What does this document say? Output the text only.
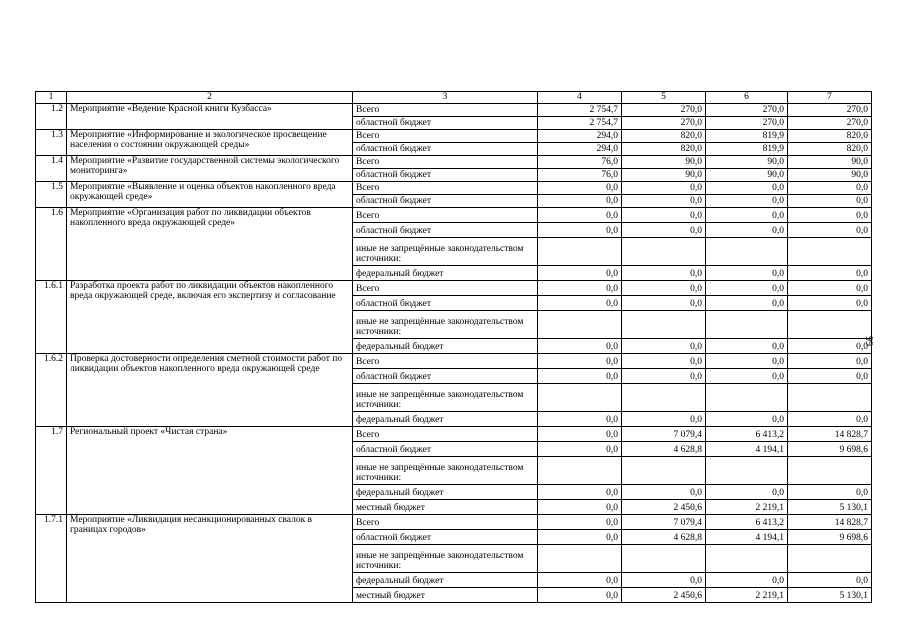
1	2	3	4	5	6	7
1.2	Мероприятие «Ведение Красной книги Кузбасса»	Всего	2 754,7	270,0	270,0	270,0
		областной бюджет	2 754,7	270,0	270,0	270,0
1.3	Мероприятие «Информирование и экологическое просвещение населения о состоянии окружающей среды»	Всего	294,0	820,0	819,9	820,0
		областной бюджет	294,0	820,0	819,9	820,0
1.4	Мероприятие «Развитие государственной системы экологического мониторинга»	Всего	76,0	90,0	90,0	90,0
		областной бюджет	76,0	90,0	90,0	90,0
1.5	Мероприятие «Выявление и оценка объектов накопленного вреда окружающей среде»	Всего	0,0	0,0	0,0	0,0
		областной бюджет	0,0	0,0	0,0	0,0
1.6	Мероприятие «Организация работ по ликвидации объектов накопленного вреда окружающей среде»	Всего	0,0	0,0	0,0	0,0
		областной бюджет	0,0	0,0	0,0	0,0
		иные не запрещённые законодательством источники:				
		федеральный бюджет	0,0	0,0	0,0	0,0
1.6.1	Разработка проекта работ по ликвидации объектов накопленного вреда окружающей среде, включая его экспертизу и согласование	Всего	0,0	0,0	0,0	0,0
		областной бюджет	0,0	0,0	0,0	0,0
		иные не запрещённые законодательством источники:				
		федеральный бюджет	0,0	0,0	0,0	0,0
1.6.2	Проверка достоверности определения сметной стоимости работ по ликвидации объектов накопленного вреда окружающей среде	Всего	0,0	0,0	0,0	0,0
		областной бюджет	0,0	0,0	0,0	0,0
		иные не запрещённые законодательством источники:				
		федеральный бюджет	0,0	0,0	0,0	0,0
1.7	Региональный проект «Чистая страна»	Всего	0,0	7 079,4	6 413,2	14 828,7
		областной бюджет	0,0	4 628,8	4 194,1	9 698,6
		иные не запрещённые законодательством источники:				
		федеральный бюджет	0,0	0,0	0,0	0,0
		местный бюджет	0,0	2 450,6	2 219,1	5 130,1
1.7.1	Мероприятие «Ликвидация несанкционированных свалок в границах городов»	Всего	0,0	7 079,4	6 413,2	14 828,7
		областной бюджет	0,0	4 628,8	4 194,1	9 698,6
		иные не запрещённые законодательством источники:				
		федеральный бюджет	0,0	0,0	0,0	0,0
		местный бюджет	0,0	2 450,6	2 219,1	5 130,1
99
